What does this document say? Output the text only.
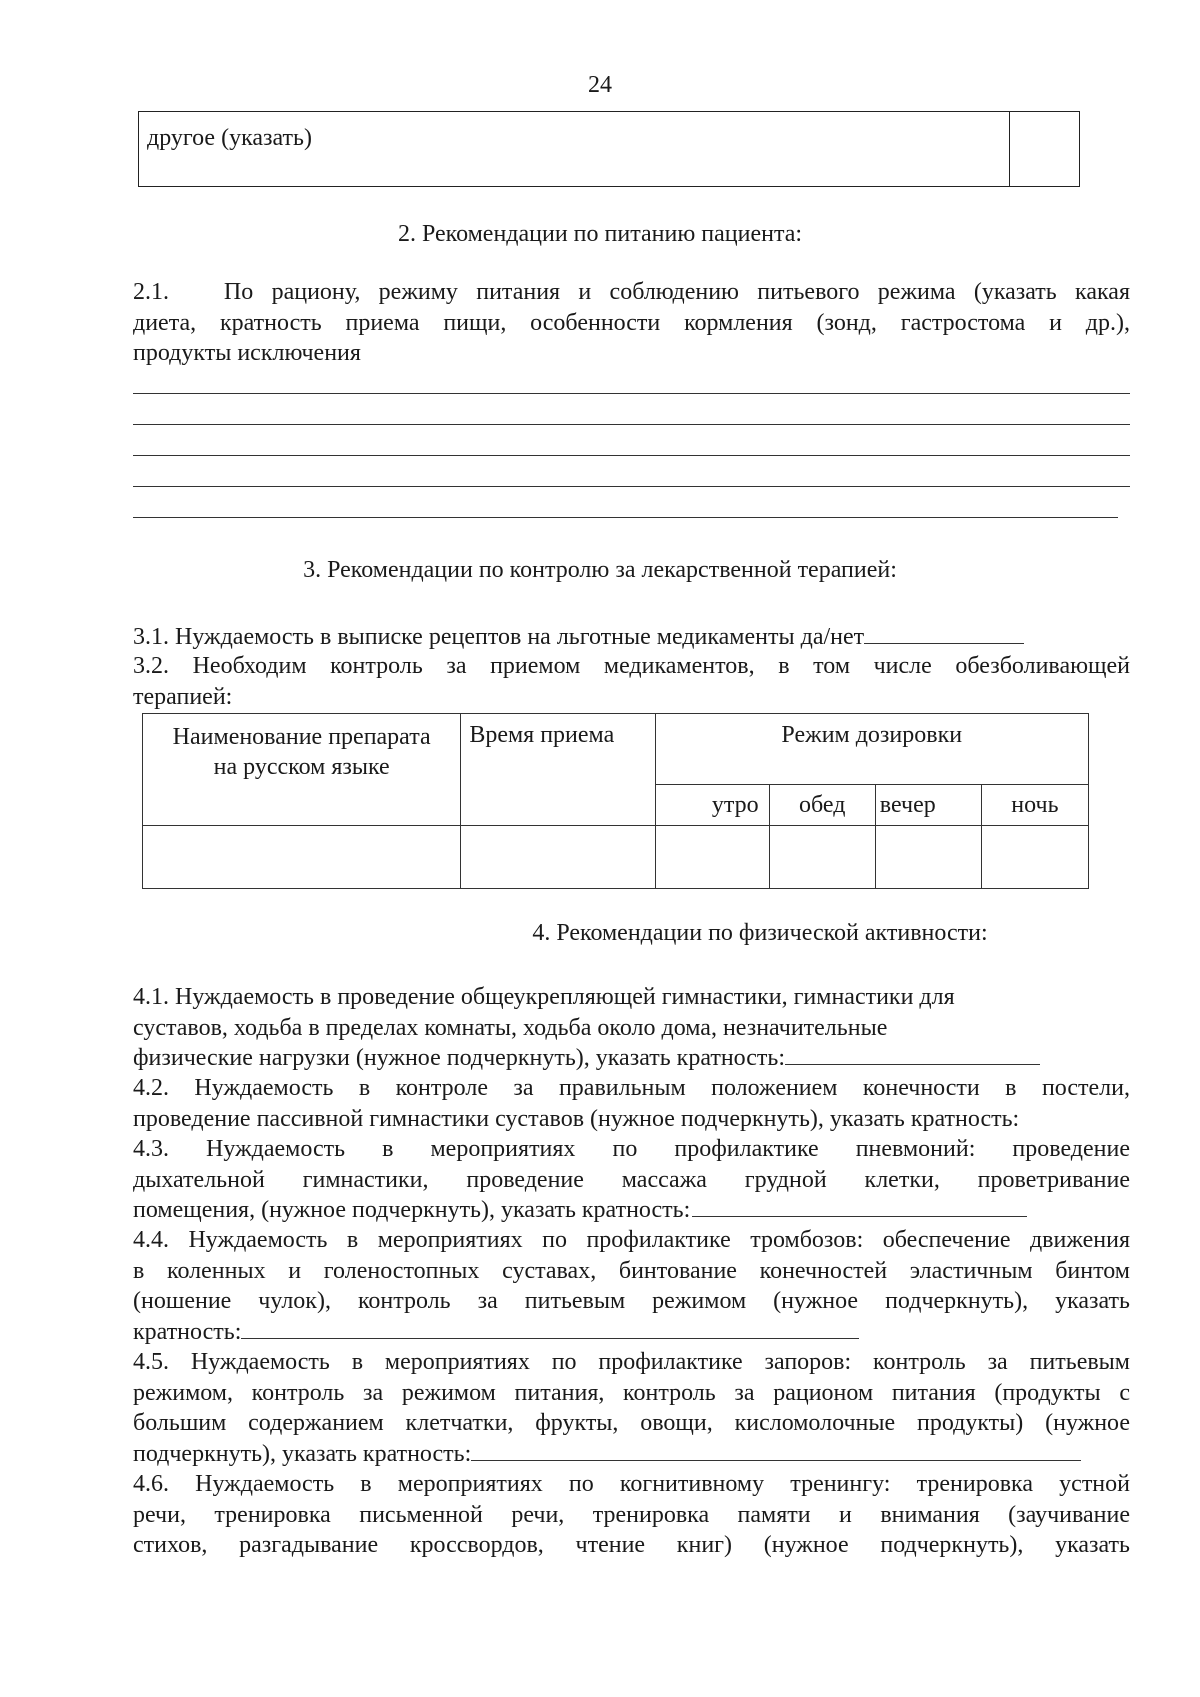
24
другое (указать)
2. Рекомендации по питанию пациента:
2.1.   По рациону, режиму питания и соблюдению питьевого режима (указать какая
диета, кратность приема пищи, особенности кормления (зонд, гастростома и др.),
продукты исключения
3. Рекомендации по контролю за лекарственной терапией:
3.1. Нуждаемость в выписке рецептов на льготные медикаменты да/нет
3.2. Необходим контроль за приемом медикаментов, в том числе обезболивающей
терапией:
Наименование препарата
на русском языке	Время приема	Режим дозировки			
		утро	обед	вечер	ночь

4. Рекомендации по физической активности:
4.1. Нуждаемость в проведение общеукрепляющей гимнастики, гимнастики для
суставов, ходьба в пределах комнаты, ходьба около дома, незначительные
физические нагрузки (нужное подчеркнуть), указать кратность:
4.2. Нуждаемость в контроле за правильным положением конечности в постели,
проведение пассивной гимнастики суставов (нужное подчеркнуть), указать кратность:
4.3. Нуждаемость в мероприятиях по профилактике пневмоний: проведение
дыхательной гимнастики, проведение массажа грудной клетки, проветривание
помещения, (нужное подчеркнуть), указать кратность:
4.4. Нуждаемость в мероприятиях по профилактике тромбозов: обеспечение движения
в коленных и голеностопных суставах, бинтование конечностей эластичным бинтом
(ношение чулок), контроль за питьевым режимом (нужное подчеркнуть), указать
кратность:
4.5. Нуждаемость в мероприятиях по профилактике запоров: контроль за питьевым
режимом, контроль за режимом питания, контроль за рационом питания (продукты с
большим содержанием клетчатки, фрукты, овощи, кисломолочные продукты) (нужное
подчеркнуть), указать кратность:
4.6. Нуждаемость в мероприятиях по когнитивному тренингу: тренировка устной
речи, тренировка письменной речи, тренировка памяти и внимания (заучивание
стихов, разгадывание кроссвордов, чтение книг) (нужное подчеркнуть), указать
